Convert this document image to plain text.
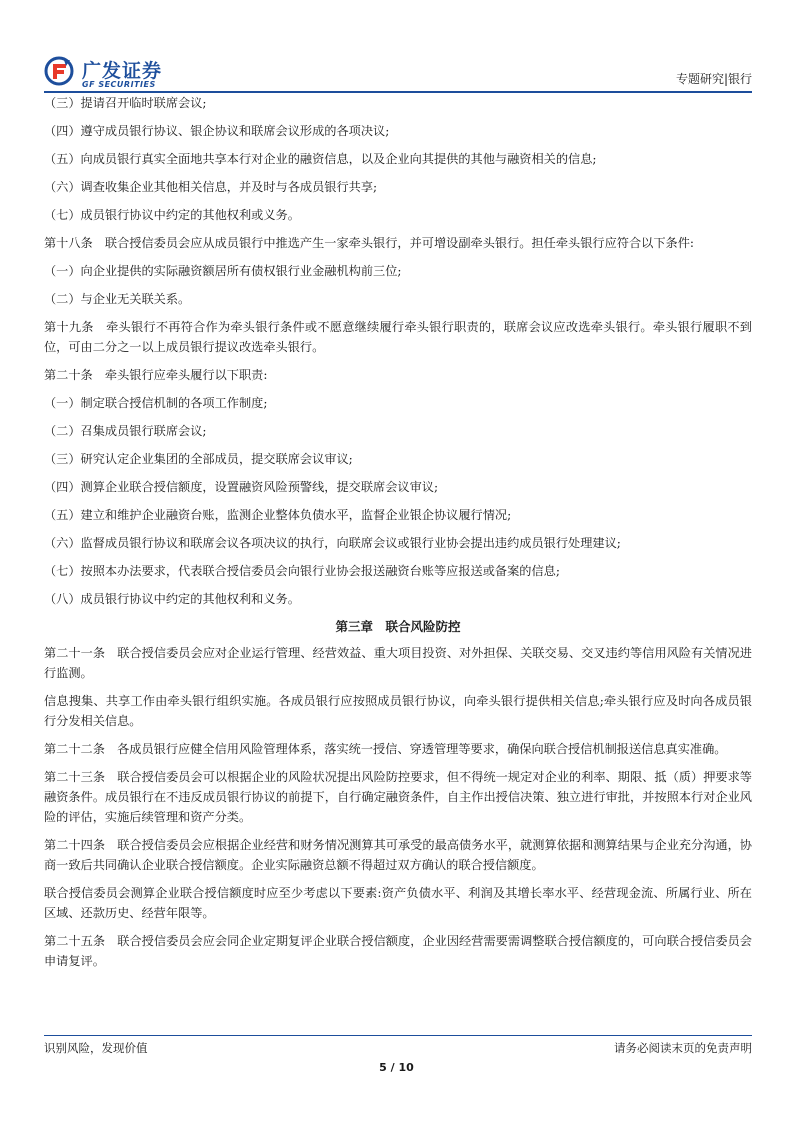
广发证券
GF SECURITIES	专题研究|银行

（三）提请召开临时联席会议;

（四）遵守成员银行协议、银企协议和联席会议形成的各项决议;

（五）向成员银行真实全面地共享本行对企业的融资信息，以及企业向其提供的其他与融资相关的信息;

（六）调查收集企业其他相关信息，并及时与各成员银行共享;

（七）成员银行协议中约定的其他权利或义务。

第十八条　联合授信委员会应从成员银行中推选产生一家牵头银行，并可增设副牵头银行。担任牵头银行应符合以下条件:

（一）向企业提供的实际融资额居所有债权银行业金融机构前三位;

（二）与企业无关联关系。

第十九条　牵头银行不再符合作为牵头银行条件或不愿意继续履行牵头银行职责的，联席会议应改选牵头银行。牵头银行履职不到位，可由二分之一以上成员银行提议改选牵头银行。

第二十条　牵头银行应牵头履行以下职责:

（一）制定联合授信机制的各项工作制度;

（二）召集成员银行联席会议;

（三）研究认定企业集团的全部成员，提交联席会议审议;

（四）测算企业联合授信额度，设置融资风险预警线，提交联席会议审议;

（五）建立和维护企业融资台账，监测企业整体负债水平，监督企业银企协议履行情况;

（六）监督成员银行协议和联席会议各项决议的执行，向联席会议或银行业协会提出违约成员银行处理建议;

（七）按照本办法要求，代表联合授信委员会向银行业协会报送融资台账等应报送或备案的信息;

（八）成员银行协议中约定的其他权利和义务。

第三章　联合风险防控

第二十一条　联合授信委员会应对企业运行管理、经营效益、重大项目投资、对外担保、关联交易、交叉违约等信用风险有关情况进行监测。

信息搜集、共享工作由牵头银行组织实施。各成员银行应按照成员银行协议，向牵头银行提供相关信息;牵头银行应及时向各成员银行分发相关信息。

第二十二条　各成员银行应健全信用风险管理体系，落实统一授信、穿透管理等要求，确保向联合授信机制报送信息真实准确。

第二十三条　联合授信委员会可以根据企业的风险状况提出风险防控要求，但不得统一规定对企业的利率、期限、抵（质）押要求等融资条件。成员银行在不违反成员银行协议的前提下，自行确定融资条件，自主作出授信决策、独立进行审批，并按照本行对企业风险的评估，实施后续管理和资产分类。

第二十四条　联合授信委员会应根据企业经营和财务情况测算其可承受的最高债务水平，就测算依据和测算结果与企业充分沟通，协商一致后共同确认企业联合授信额度。企业实际融资总额不得超过双方确认的联合授信额度。

联合授信委员会测算企业联合授信额度时应至少考虑以下要素:资产负债水平、利润及其增长率水平、经营现金流、所属行业、所在区域、还款历史、经营年限等。

第二十五条　联合授信委员会应会同企业定期复评企业联合授信额度，企业因经营需要需调整联合授信额度的，可向联合授信委员会申请复评。

识别风险，发现价值	请务必阅读末页的免责声明
5 / 10
